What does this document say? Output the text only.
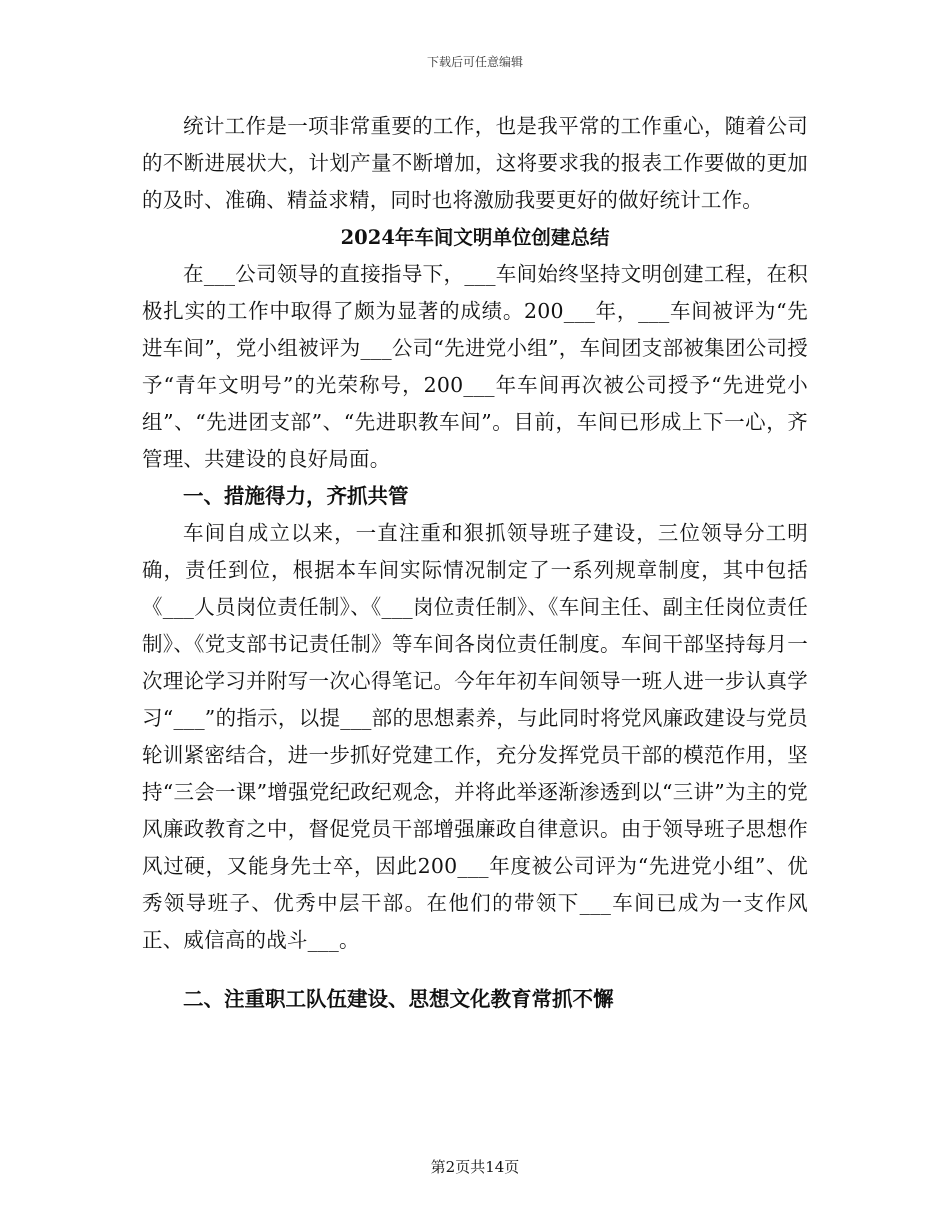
下载后可任意编辑

统计工作是一项非常重要的工作，也是我平常的工作重心，随着公司的不断进展状大，计划产量不断增加，这将要求我的报表工作要做的更加的及时、准确、精益求精，同时也将激励我要更好的做好统计工作。

2024年车间文明单位创建总结

在___公司领导的直接指导下，___车间始终坚持文明创建工程，在积极扎实的工作中取得了颇为显著的成绩。200___年，___车间被评为“先进车间”，党小组被评为___公司“先进党小组”，车间团支部被集团公司授予“青年文明号”的光荣称号，200___年车间再次被公司授予“先进党小组”、“先进团支部”、“先进职教车间”。目前，车间已形成上下一心，齐管理、共建设的良好局面。

一、措施得力，齐抓共管

车间自成立以来，一直注重和狠抓领导班子建设，三位领导分工明确，责任到位，根据本车间实际情况制定了一系列规章制度，其中包括《___人员岗位责任制》、《___岗位责任制》、《车间主任、副主任岗位责任制》、《党支部书记责任制》等车间各岗位责任制度。车间干部坚持每月一次理论学习并附写一次心得笔记。今年年初车间领导一班人进一步认真学习“___”的指示，以提___部的思想素养，与此同时将党风廉政建设与党员轮训紧密结合，进一步抓好党建工作，充分发挥党员干部的模范作用，坚持“三会一课”增强党纪政纪观念，并将此举逐渐渗透到以“三讲”为主的党风廉政教育之中，督促党员干部增强廉政自律意识。由于领导班子思想作风过硬，又能身先士卒，因此200___年度被公司评为“先进党小组”、优秀领导班子、优秀中层干部。在他们的带领下___车间已成为一支作风正、威信高的战斗___。

二、注重职工队伍建设、思想文化教育常抓不懈

第2页共14页
